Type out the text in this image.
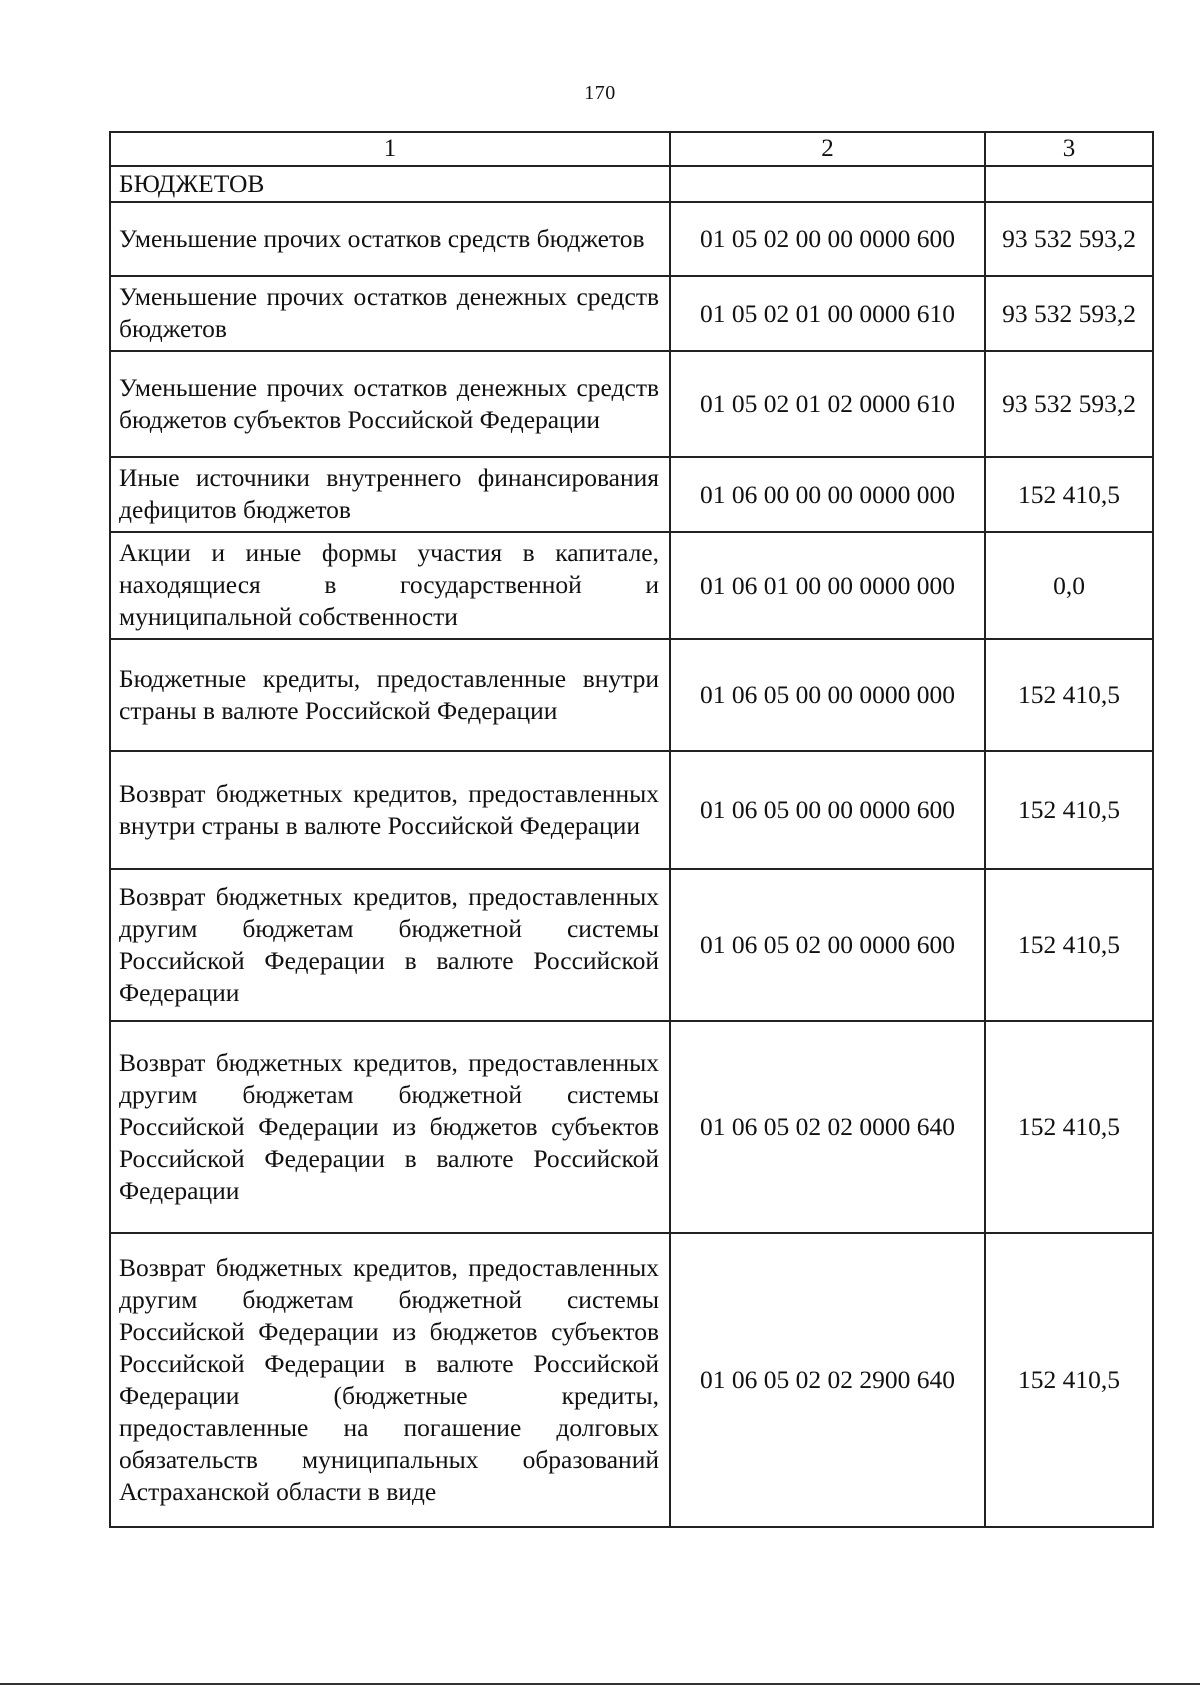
170
1	2	3
БЮДЖЕТОВ		
Уменьшение прочих остатков средств бюджетов	01 05 02 00 00 0000 600	93 532 593,2
Уменьшение прочих остатков денежных средств бюджетов	01 05 02 01 00 0000 610	93 532 593,2
Уменьшение прочих остатков денежных средств бюджетов субъектов Российской Федерации	01 05 02 01 02 0000 610	93 532 593,2
Иные источники внутреннего финансирования дефицитов бюджетов	01 06 00 00 00 0000 000	152 410,5
Акции и иные формы участия в капитале, находящиеся в государственной и муниципальной собственности	01 06 01 00 00 0000 000	0,0
Бюджетные кредиты, предоставленные внутри страны в валюте Российской Федерации	01 06 05 00 00 0000 000	152 410,5
Возврат бюджетных кредитов, предоставленных внутри страны в валюте Российской Федерации	01 06 05 00 00 0000 600	152 410,5
Возврат бюджетных кредитов, предоставленных другим бюджетам бюджетной системы Российской Федерации в валюте Российской Федерации	01 06 05 02 00 0000 600	152 410,5
Возврат бюджетных кредитов, предоставленных другим бюджетам бюджетной системы Российской Федерации из бюджетов субъектов Российской Федерации в валюте Российской Федерации	01 06 05 02 02 0000 640	152 410,5
Возврат бюджетных кредитов, предоставленных другим бюджетам бюджетной системы Российской Федерации из бюджетов субъектов Российской Федерации в валюте Российской Федерации (бюджетные кредиты, предоставленные на погашение долговых обязательств муниципальных образований Астраханской области в виде	01 06 05 02 02 2900 640	152 410,5
